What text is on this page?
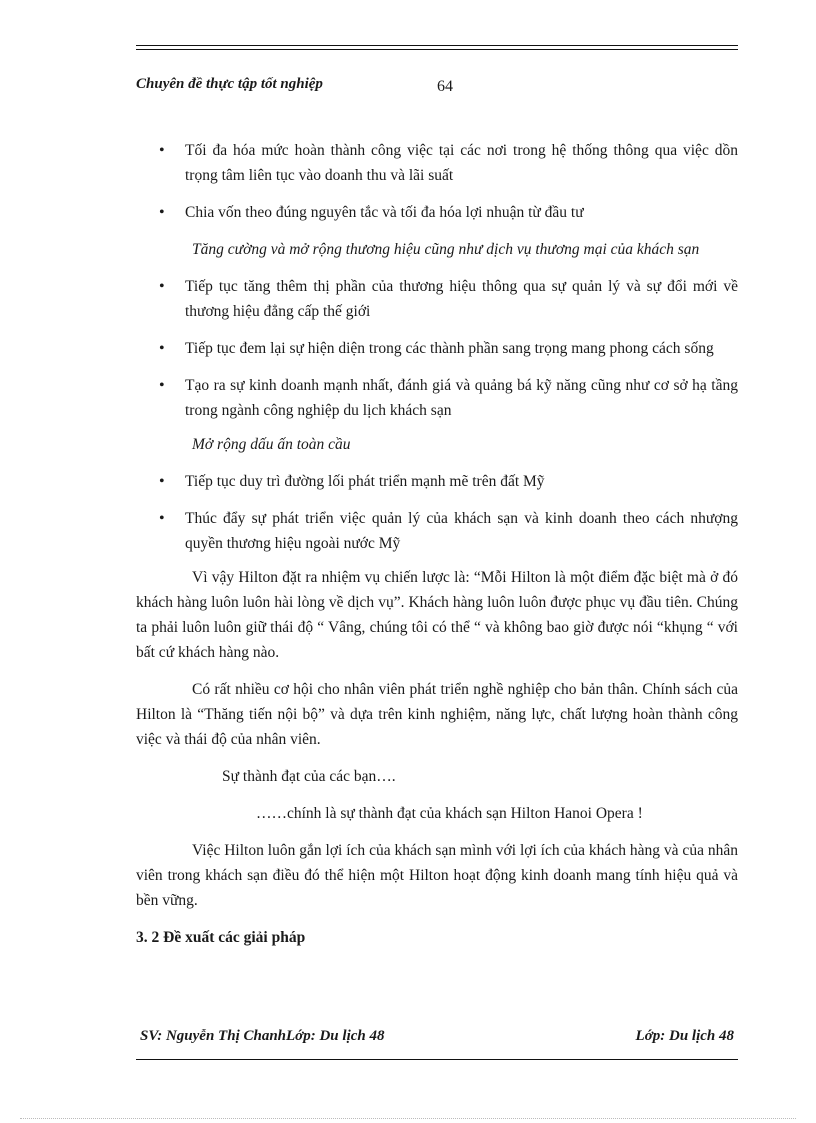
Chuyên đề thực tập tốt nghiệp	64

• Tối đa hóa mức hoàn thành công việc tại các nơi trong hệ thống thông qua việc dồn trọng tâm liên tục vào doanh thu và lãi suất

• Chia vốn theo đúng nguyên tắc và tối đa hóa lợi nhuận từ đầu tư

Tăng cường và mở rộng thương hiệu cũng như dịch vụ thương mại của khách sạn

• Tiếp tục tăng thêm thị phần của thương hiệu thông qua sự quản lý và sự đổi mới về thương hiệu đẳng cấp thế giới

• Tiếp tục đem lại sự hiện diện trong các thành phần sang trọng mang phong cách sống

• Tạo ra sự kinh doanh mạnh nhất, đánh giá và quảng bá kỹ năng cũng như cơ sở hạ tầng trong ngành công nghiệp du lịch khách sạn

Mở rộng dấu ấn toàn cầu

• Tiếp tục duy trì đường lối phát triển mạnh mẽ trên đất Mỹ

• Thúc đẩy sự phát triển việc quản lý của khách sạn và kinh doanh theo cách nhượng quyền thương hiệu ngoài nước Mỹ

Vì vậy Hilton đặt ra nhiệm vụ chiến lược là: “Mỗi Hilton là một điểm đặc biệt mà ở đó khách hàng luôn luôn hài lòng về dịch vụ”. Khách hàng luôn luôn được phục vụ đầu tiên. Chúng ta phải luôn luôn giữ thái độ “ Vâng, chúng tôi có thể “ và không bao giờ được nói “khụng “ với bất cứ khách hàng nào.

Có rất nhiều cơ hội cho nhân viên phát triển nghề nghiệp cho bản thân. Chính sách của Hilton là “Thăng tiến nội bộ” và dựa trên kinh nghiệm, năng lực, chất lượng hoàn thành công việc và thái độ của nhân viên.

Sự thành đạt của các bạn….

……chính là sự thành đạt của khách sạn Hilton Hanoi Opera !

Việc Hilton luôn gắn lợi ích của khách sạn mình với lợi ích của khách hàng và của nhân viên trong khách sạn điều đó thể hiện một Hilton hoạt động kinh doanh mang tính hiệu quả và bền vững.

3. 2 Đề xuất các giải pháp

SV: Nguyễn Thị ChanhLớp: Du lịch 48	Lớp: Du lịch 48
